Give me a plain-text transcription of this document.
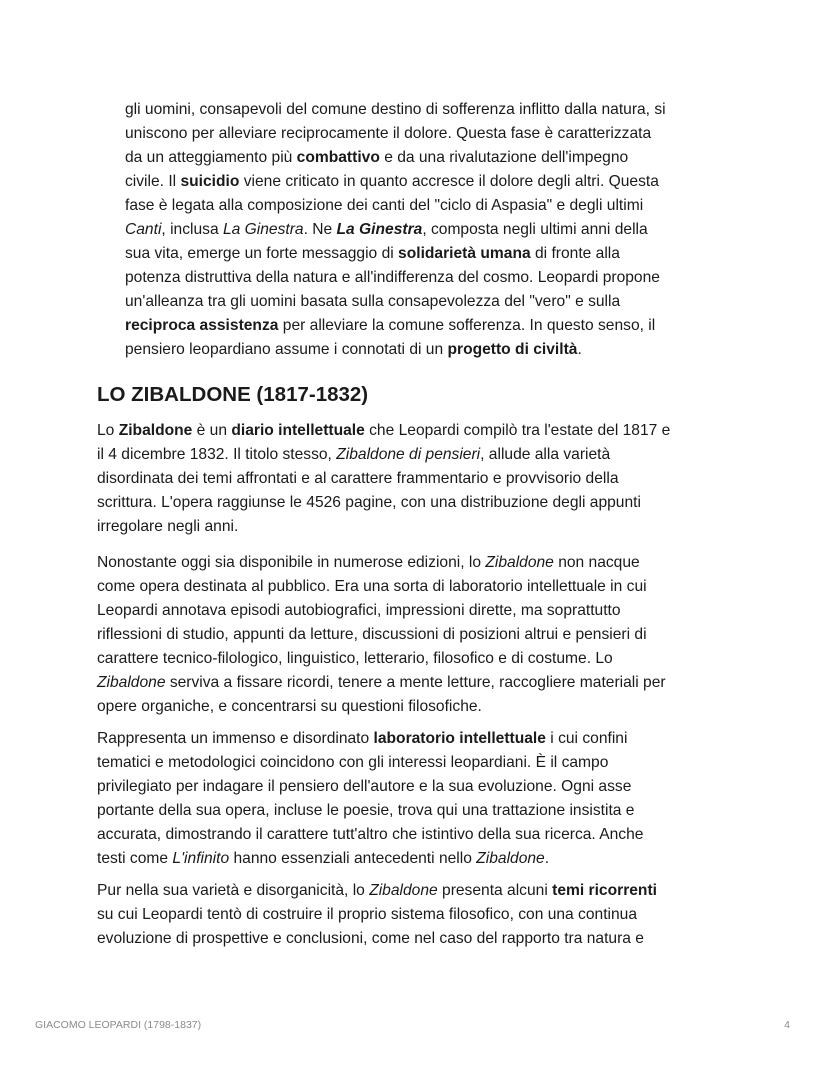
gli uomini, consapevoli del comune destino di sofferenza inflitto dalla natura, si
uniscono per alleviare reciprocamente il dolore. Questa fase è caratterizzata
da un atteggiamento più combattivo e da una rivalutazione dell'impegno
civile. Il suicidio viene criticato in quanto accresce il dolore degli altri. Questa
fase è legata alla composizione dei canti del "ciclo di Aspasia" e degli ultimi
Canti, inclusa La Ginestra. Ne La Ginestra, composta negli ultimi anni della
sua vita, emerge un forte messaggio di solidarietà umana di fronte alla
potenza distruttiva della natura e all'indifferenza del cosmo. Leopardi propone
un'alleanza tra gli uomini basata sulla consapevolezza del "vero" e sulla
reciproca assistenza per alleviare la comune sofferenza. In questo senso, il
pensiero leopardiano assume i connotati di un progetto di civiltà.
LO ZIBALDONE (1817-1832)
Lo Zibaldone è un diario intellettuale che Leopardi compilò tra l'estate del 1817 e
il 4 dicembre 1832. Il titolo stesso, Zibaldone di pensieri, allude alla varietà
disordinata dei temi affrontati e al carattere frammentario e provvisorio della
scrittura. L'opera raggiunse le 4526 pagine, con una distribuzione degli appunti
irregolare negli anni.
Nonostante oggi sia disponibile in numerose edizioni, lo Zibaldone non nacque
come opera destinata al pubblico. Era una sorta di laboratorio intellettuale in cui
Leopardi annotava episodi autobiografici, impressioni dirette, ma soprattutto
riflessioni di studio, appunti da letture, discussioni di posizioni altrui e pensieri di
carattere tecnico-filologico, linguistico, letterario, filosofico e di costume. Lo
Zibaldone serviva a fissare ricordi, tenere a mente letture, raccogliere materiali per
opere organiche, e concentrarsi su questioni filosofiche.
Rappresenta un immenso e disordinato laboratorio intellettuale i cui confini
tematici e metodologici coincidono con gli interessi leopardiani. È il campo
privilegiato per indagare il pensiero dell'autore e la sua evoluzione. Ogni asse
portante della sua opera, incluse le poesie, trova qui una trattazione insistita e
accurata, dimostrando il carattere tutt'altro che istintivo della sua ricerca. Anche
testi come L'infinito hanno essenziali antecedenti nello Zibaldone.
Pur nella sua varietà e disorganicità, lo Zibaldone presenta alcuni temi ricorrenti
su cui Leopardi tentò di costruire il proprio sistema filosofico, con una continua
evoluzione di prospettive e conclusioni, come nel caso del rapporto tra natura e
GIACOMO LEOPARDI (1798-1837)	4
